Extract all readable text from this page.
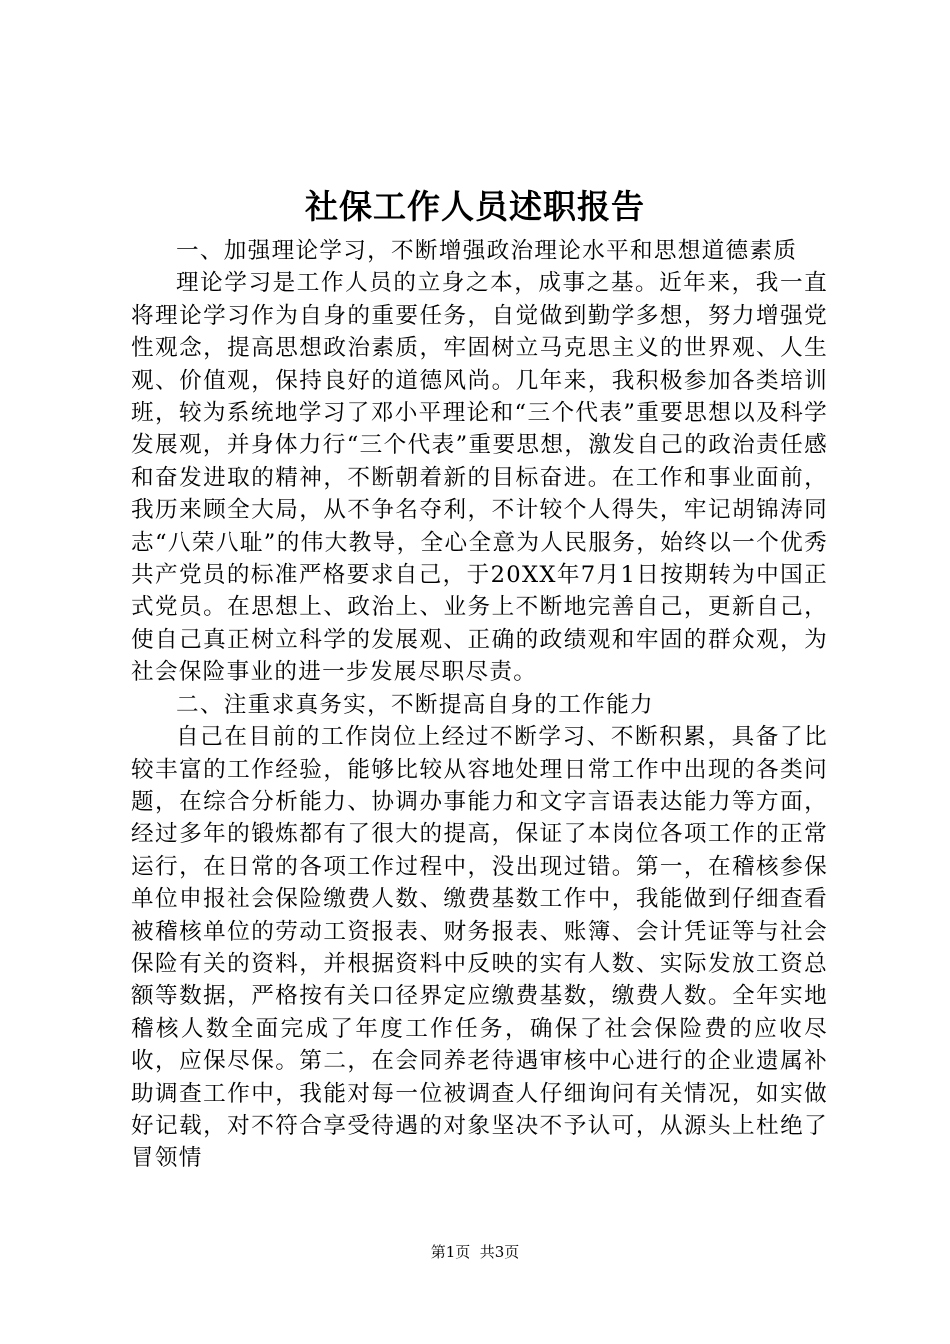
社保工作人员述职报告

一、加强理论学习，不断增强政治理论水平和思想道德素质

理论学习是工作人员的立身之本，成事之基。近年来，我一直将理论学习作为自身的重要任务，自觉做到勤学多想，努力增强党性观念，提高思想政治素质，牢固树立马克思主义的世界观、人生观、价值观，保持良好的道德风尚。几年来，我积极参加各类培训班，较为系统地学习了邓小平理论和“三个代表”重要思想以及科学发展观，并身体力行“三个代表”重要思想，激发自己的政治责任感和奋发进取的精神，不断朝着新的目标奋进。在工作和事业面前，我历来顾全大局，从不争名夺利，不计较个人得失，牢记胡锦涛同志“八荣八耻”的伟大教导，全心全意为人民服务，始终以一个优秀共产党员的标准严格要求自己，于20XX年7月1日按期转为中国正式党员。在思想上、政治上、业务上不断地完善自己，更新自己，使自己真正树立科学的发展观、正确的政绩观和牢固的群众观，为社会保险事业的进一步发展尽职尽责。

二、注重求真务实，不断提高自身的工作能力

自己在目前的工作岗位上经过不断学习、不断积累，具备了比较丰富的工作经验，能够比较从容地处理日常工作中出现的各类问题，在综合分析能力、协调办事能力和文字言语表达能力等方面，经过多年的锻炼都有了很大的提高，保证了本岗位各项工作的正常运行，在日常的各项工作过程中，没出现过错。第一，在稽核参保单位申报社会保险缴费人数、缴费基数工作中，我能做到仔细查看被稽核单位的劳动工资报表、财务报表、账簿、会计凭证等与社会保险有关的资料，并根据资料中反映的实有人数、实际发放工资总额等数据，严格按有关口径界定应缴费基数，缴费人数。全年实地稽核人数全面完成了年度工作任务，确保了社会保险费的应收尽收，应保尽保。第二，在会同养老待遇审核中心进行的企业遗属补助调查工作中，我能对每一位被调查人仔细询问有关情况，如实做好记载，对不符合享受待遇的对象坚决不予认可，从源头上杜绝了冒领情

第1页  共3页
